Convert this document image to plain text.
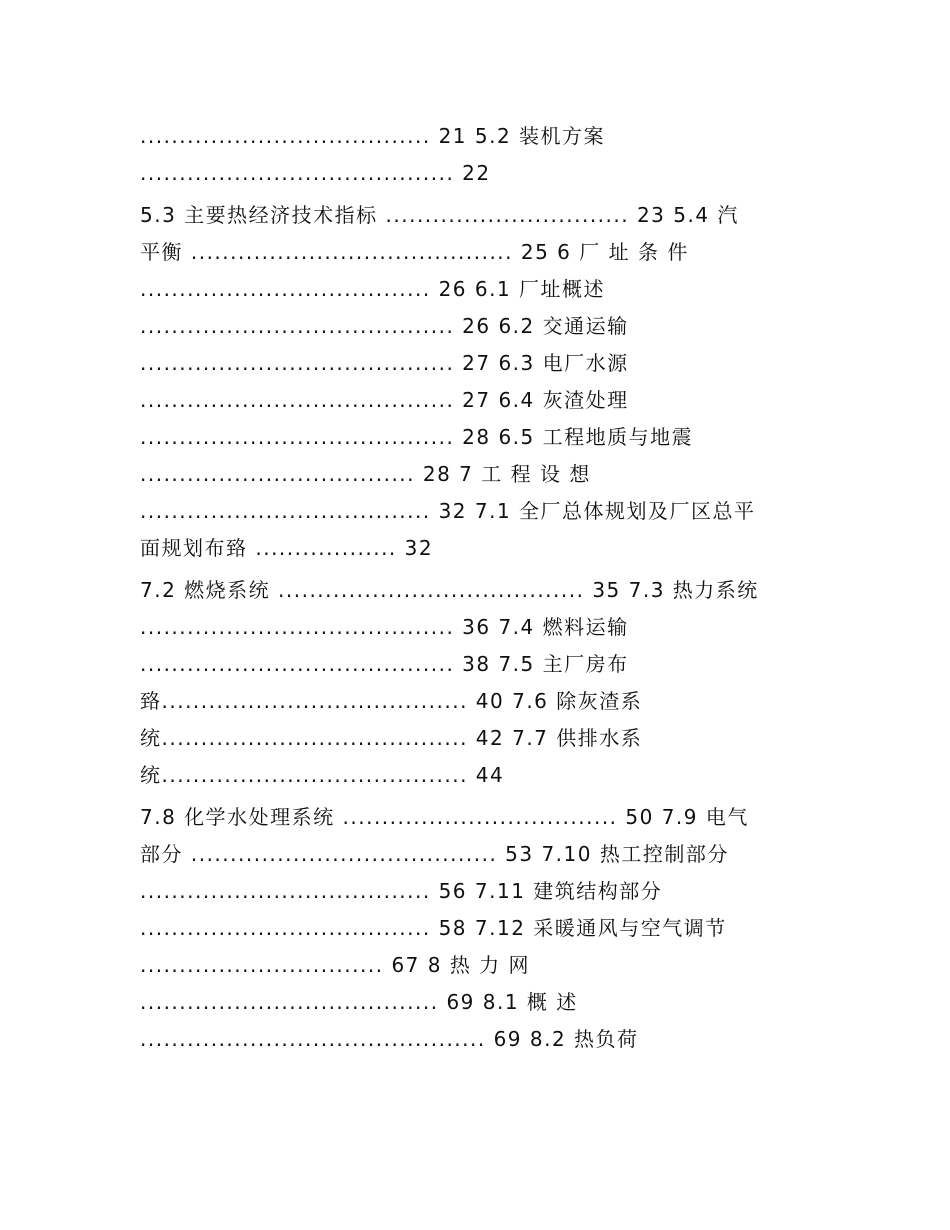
..................................... 21 5.2 装机方案
........................................ 22
5.3 主要热经济技术指标 ............................... 23 5.4 汽
平衡 ......................................... 25 6 厂 址 条 件
..................................... 26 6.1 厂址概述
........................................ 26 6.2 交通运输
........................................ 27 6.3 电厂水源
........................................ 27 6.4 灰渣处理
........................................ 28 6.5 工程地质与地震
................................... 28 7 工 程 设 想
..................................... 32 7.1 全厂总体规划及厂区总平
面规划布臵 .................. 32
7.2 燃烧系统 ....................................... 35 7.3 热力系统
........................................ 36 7.4 燃料运输
........................................ 38 7.5 主厂房布
臵....................................... 40 7.6 除灰渣系
统....................................... 42 7.7 供排水系
统....................................... 44
7.8 化学水处理系统 ................................... 50 7.9 电气
部分 ....................................... 53 7.10 热工控制部分
..................................... 56 7.11 建筑结构部分
..................................... 58 7.12 采暖通风与空气调节
............................... 67 8 热 力 网
...................................... 69 8.1 概 述
............................................ 69 8.2 热负荷
